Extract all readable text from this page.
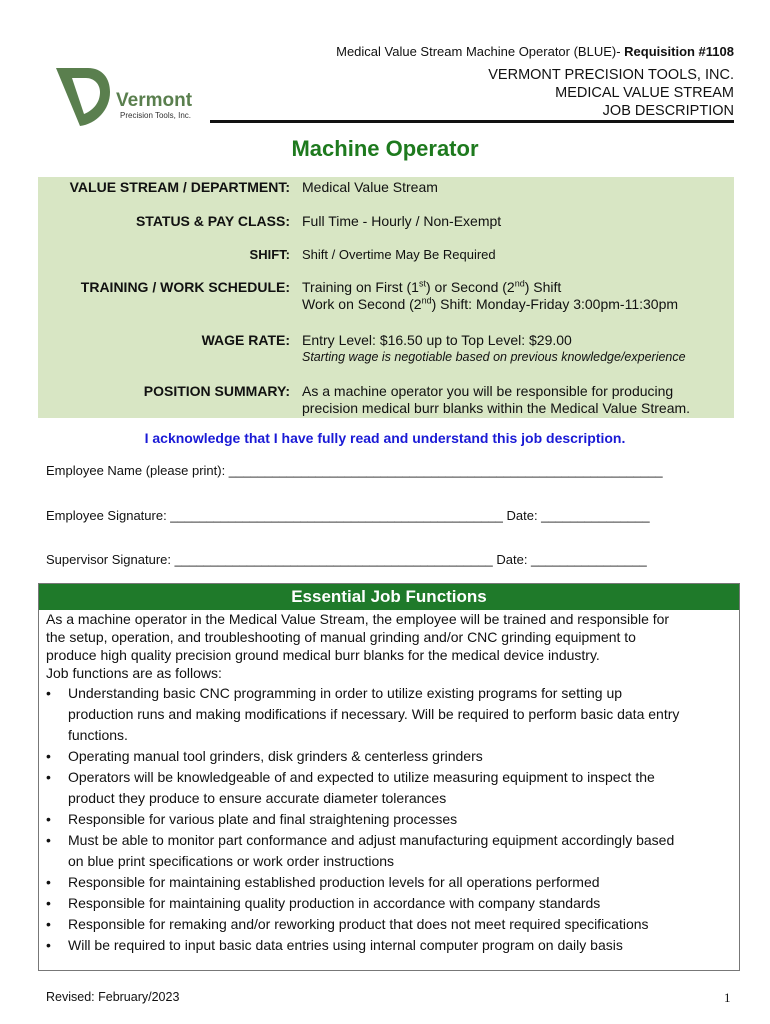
Medical Value Stream Machine Operator (BLUE)- Requisition #1108
Vermont
Precision Tools, Inc.
VERMONT PRECISION TOOLS, INC.
MEDICAL VALUE STREAM
JOB DESCRIPTION
Machine Operator
VALUE STREAM / DEPARTMENT: Medical Value Stream
STATUS & PAY CLASS: Full Time - Hourly / Non-Exempt
SHIFT: Shift / Overtime May Be Required
TRAINING / WORK SCHEDULE: Training on First (1st) or Second (2nd) Shift
Work on Second (2nd) Shift: Monday-Friday 3:00pm-11:30pm
WAGE RATE: Entry Level: $16.50 up to Top Level: $29.00
Starting wage is negotiable based on previous knowledge/experience
POSITION SUMMARY: As a machine operator you will be responsible for producing
precision medical burr blanks within the Medical Value Stream.
I acknowledge that I have fully read and understand this job description.
Employee Name (please print): ____________________________________________________________
Employee Signature: ______________________________________________ Date: _______________
Supervisor Signature: ____________________________________________ Date: ________________
Essential Job Functions
As a machine operator in the Medical Value Stream, the employee will be trained and responsible for
the setup, operation, and troubleshooting of manual grinding and/or CNC grinding equipment to
produce high quality precision ground medical burr blanks for the medical device industry.
Job functions are as follows:
• Understanding basic CNC programming in order to utilize existing programs for setting up
production runs and making modifications if necessary. Will be required to perform basic data entry
functions.
• Operating manual tool grinders, disk grinders & centerless grinders
• Operators will be knowledgeable of and expected to utilize measuring equipment to inspect the
product they produce to ensure accurate diameter tolerances
• Responsible for various plate and final straightening processes
• Must be able to monitor part conformance and adjust manufacturing equipment accordingly based
on blue print specifications or work order instructions
• Responsible for maintaining established production levels for all operations performed
• Responsible for maintaining quality production in accordance with company standards
• Responsible for remaking and/or reworking product that does not meet required specifications
• Will be required to input basic data entries using internal computer program on daily basis
Revised: February/2023	1
